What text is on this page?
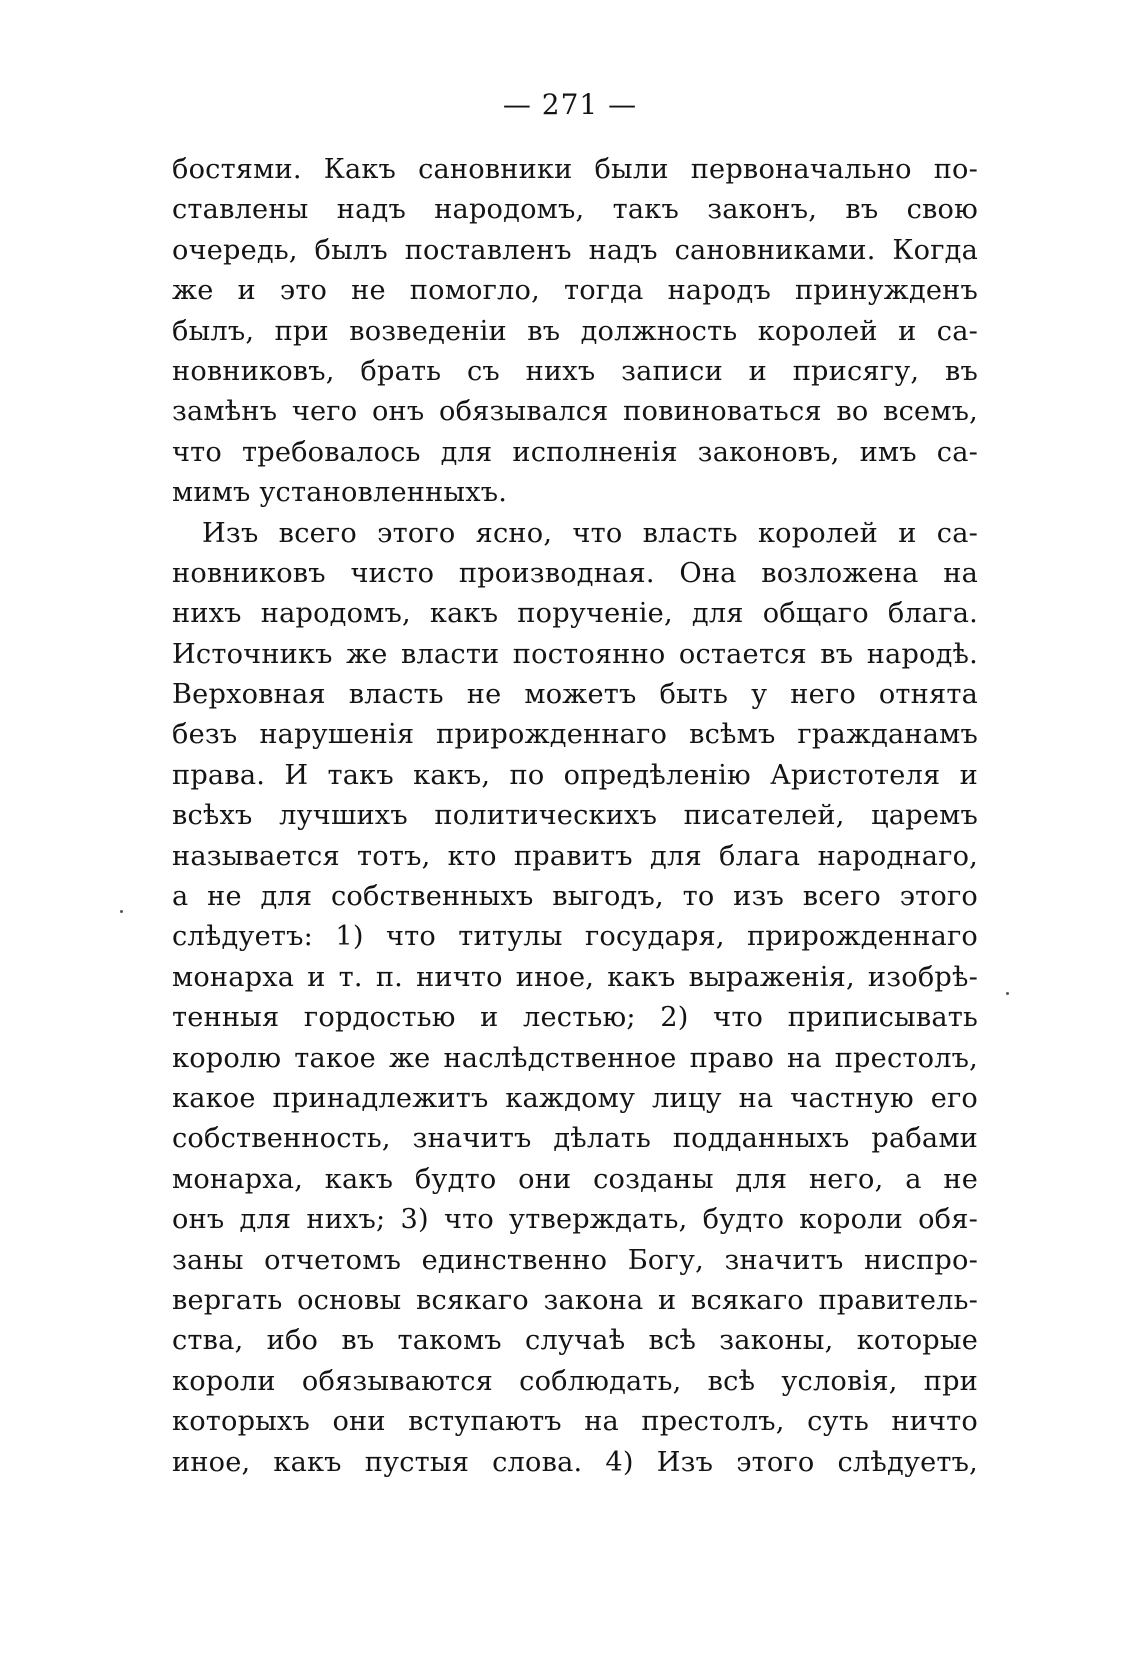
— 271 —
бостями. Какъ сановники были первоначально по-
ставлены надъ народомъ, такъ законъ, въ свою
очередь, былъ поставленъ надъ сановниками. Когда
же и это не помогло, тогда народъ принужденъ
былъ, при возведеніи въ должность королей и са-
новниковъ, брать съ нихъ записи и присягу, въ
замѣнъ чего онъ обязывался повиноваться во всемъ,
что требовалось для исполненія законовъ, имъ са-
мимъ установленныхъ.
Изъ всего этого ясно, что власть королей и са-
новниковъ чисто производная. Она возложена на
нихъ народомъ, какъ порученіе, для общаго блага.
Источникъ же власти постоянно остается въ народѣ.
Верховная власть не можетъ быть у него отнята
безъ нарушенія прирожденнаго всѣмъ гражданамъ
права. И такъ какъ, по опредѣленію Аристотеля и
всѣхъ лучшихъ политическихъ писателей, царемъ
называется тотъ, кто правитъ для блага народнаго,
а не для собственныхъ выгодъ, то изъ всего этого
слѣдуетъ: 1) что титулы государя, прирожденнаго
монарха и т. п. ничто иное, какъ выраженія, изобрѣ-
тенныя гордостью и лестью; 2) что приписывать
королю такое же наслѣдственное право на престолъ,
какое принадлежитъ каждому лицу на частную его
собственность, значитъ дѣлать подданныхъ рабами
монарха, какъ будто они созданы для него, а не
онъ для нихъ; 3) что утверждать, будто короли обя-
заны отчетомъ единственно Богу, значитъ ниспро-
вергать основы всякаго закона и всякаго правитель-
ства, ибо въ такомъ случаѣ всѣ законы, которые
короли обязываются соблюдать, всѣ условія, при
которыхъ они вступаютъ на престолъ, суть ничто
иное, какъ пустыя слова. 4) Изъ этого слѣдуетъ,
